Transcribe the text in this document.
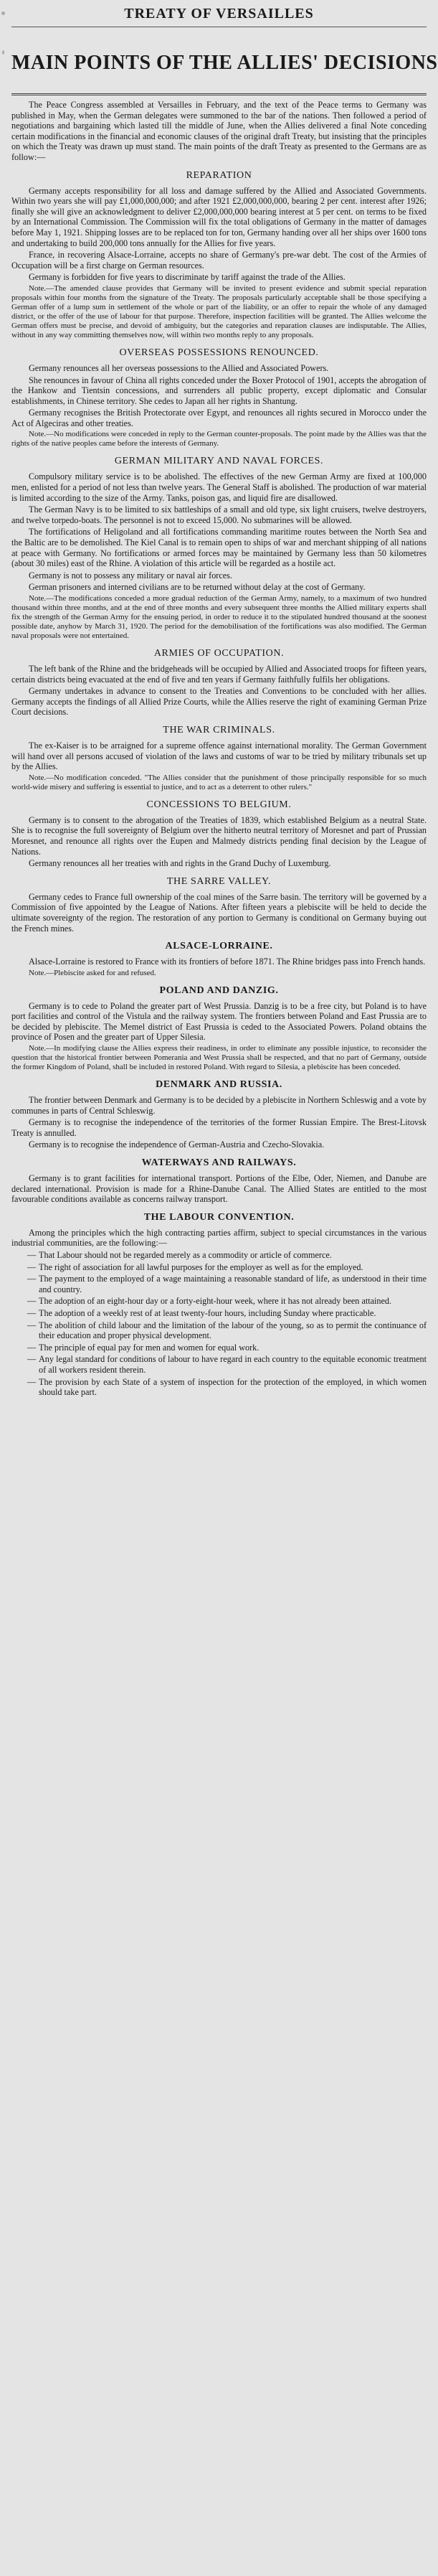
TREATY OF VERSAILLES
MAIN POINTS OF THE ALLIES' DECISIONS

The Peace Congress assembled at Versailles in February, and the text of the Peace terms to Germany was published in May, when the German delegates were summoned to the bar of the nations. Then followed a period of negotiations and bargaining which lasted till the middle of June, when the Allies delivered a final Note conceding certain modifications in the financial and economic clauses of the original draft Treaty, but insisting that the principles on which the Treaty was drawn up must stand. The main points of the draft Treaty as presented to the Germans are as follow:—

REPARATION

Germany accepts responsibility for all loss and damage suffered by the Allied and Associated Governments. Within two years she will pay £1,000,000,000; and after 1921 £2,000,000,000, bearing 2 per cent. interest after 1926; finally she will give an acknowledgment to deliver £2,000,000,000 bearing interest at 5 per cent. on terms to be fixed by an International Commission. The Commission will fix the total obligations of Germany in the matter of damages before May 1, 1921. Shipping losses are to be replaced ton for ton, Germany handing over all her ships over 1600 tons and undertaking to build 200,000 tons annually for the Allies for five years.

France, in recovering Alsace-Lorraine, accepts no share of Germany's pre-war debt. The cost of the Armies of Occupation will be a first charge on German resources.

Germany is forbidden for five years to discriminate by tariff against the trade of the Allies.

Note.—The amended clause provides that Germany will be invited to present evidence and submit special reparation proposals within four months from the signature of the Treaty. The proposals particularly acceptable shall be those specifying a German offer of a lump sum in settlement of the whole or part of the liability, or an offer to repair the whole of any damaged district, or the offer of the use of labour for that purpose. Therefore, inspection facilities will be granted. The Allies welcome the German offers must be precise, and devoid of ambiguity, but the categories and reparation clauses are indisputable. The Allies, without in any way committing themselves now, will within two months reply to any proposals.

OVERSEAS POSSESSIONS RENOUNCED.

Germany renounces all her overseas possessions to the Allied and Associated Powers.

She renounces in favour of China all rights conceded under the Boxer Protocol of 1901, accepts the abrogation of the Hankow and Tientsin concessions, and surrenders all public property, except diplomatic and Consular establishments, in Chinese territory. She cedes to Japan all her rights in Shantung.

Germany recognises the British Protectorate over Egypt, and renounces all rights secured in Morocco under the Act of Algeciras and other treaties.

Note.—No modifications were conceded in reply to the German counter-proposals. The point made by the Allies was that the rights of the native peoples came before the interests of Germany.

GERMAN MILITARY AND NAVAL FORCES.

Compulsory military service is to be abolished. The effectives of the new German Army are fixed at 100,000 men, enlisted for a period of not less than twelve years. The General Staff is abolished. The production of war material is limited according to the size of the Army. Tanks, poison gas, and liquid fire are disallowed.

The German Navy is to be limited to six battleships of a small and old type, six light cruisers, twelve destroyers, and twelve torpedo-boats. The personnel is not to exceed 15,000. No submarines will be allowed.

The fortifications of Heligoland and all fortifications commanding maritime routes between the North Sea and the Baltic are to be demolished. The Kiel Canal is to remain open to ships of war and merchant shipping of all nations at peace with Germany. No fortifications or armed forces may be maintained by Germany less than 50 kilometres (about 30 miles) east of the Rhine. A violation of this article will be regarded as a hostile act.

Germany is not to possess any military or naval air forces.

German prisoners and interned civilians are to be returned without delay at the cost of Germany.

Note.—The modifications conceded a more gradual reduction of the German Army, namely, to a maximum of two hundred thousand within three months, and at the end of three months and every subsequent three months the Allied military experts shall fix the strength of the German Army for the ensuing period, in order to reduce it to the stipulated hundred thousand at the soonest possible date, anyhow by March 31, 1920. The period for the demobilisation of the fortifications was also modified. The German naval proposals were not entertained.

ARMIES OF OCCUPATION.

The left bank of the Rhine and the bridgeheads will be occupied by Allied and Associated troops for fifteen years, certain districts being evacuated at the end of five and ten years if Germany faithfully fulfils her obligations.

Germany undertakes in advance to consent to the Treaties and Conventions to be concluded with her allies. Germany accepts the findings of all Allied Prize Courts, while the Allies reserve the right of examining German Prize Court decisions.

THE WAR CRIMINALS.

The ex-Kaiser is to be arraigned for a supreme offence against international morality. The German Government will hand over all persons accused of violation of the laws and customs of war to be tried by military tribunals set up by the Allies.

Note.—No modification conceded. "The Allies consider that the punishment of those principally responsible for so much world-wide misery and suffering is essential to justice, and to act as a deterrent to other rulers."

CONCESSIONS TO BELGIUM.

Germany is to consent to the abrogation of the Treaties of 1839, which established Belgium as a neutral State. She is to recognise the full sovereignty of Belgium over the hitherto neutral territory of Moresnet and part of Prussian Moresnet, and renounce all rights over the Eupen and Malmedy districts pending final decision by the League of Nations.

Germany renounces all her treaties with and rights in the Grand Duchy of Luxemburg.

THE SARRE VALLEY.

Germany cedes to France full ownership of the coal mines of the Sarre basin. The territory will be governed by a Commission of five appointed by the League of Nations. After fifteen years a plebiscite will be held to decide the ultimate sovereignty of the region. The restoration of any portion to Germany is conditional on Germany buying out the French mines.

ALSACE-LORRAINE.

Alsace-Lorraine is restored to France with its frontiers of before 1871. The Rhine bridges pass into French hands.

Note.—Plebiscite asked for and refused.

POLAND AND DANZIG.

Germany is to cede to Poland the greater part of West Prussia. Danzig is to be a free city, but Poland is to have port facilities and control of the Vistula and the railway system. The frontiers between Poland and East Prussia are to be decided by plebiscite. The Memel district of East Prussia is ceded to the Associated Powers. Poland obtains the province of Posen and the greater part of Upper Silesia.

Note.—In modifying clause the Allies express their readiness, in order to eliminate any possible injustice, to reconsider the question that the historical frontier between Pomerania and West Prussia shall be respected, and that no part of Germany, outside the former Kingdom of Poland, shall be included in restored Poland. With regard to Silesia, a plebiscite has been conceded.

DENMARK AND RUSSIA.

The frontier between Denmark and Germany is to be decided by a plebiscite in Northern Schleswig and a vote by communes in parts of Central Schleswig.

Germany is to recognise the independence of the territories of the former Russian Empire. The Brest-Litovsk Treaty is annulled.

Germany is to recognise the independence of German-Austria and Czecho-Slovakia.

WATERWAYS AND RAILWAYS.

Germany is to grant facilities for international transport. Portions of the Elbe, Oder, Niemen, and Danube are declared international. Provision is made for a Rhine-Danube Canal. The Allied States are entitled to the most favourable conditions available as concerns railway transport.

THE LABOUR CONVENTION.

Among the principles which the high contracting parties affirm, subject to special circumstances in the various industrial communities, are the following:—

— That Labour should not be regarded merely as a commodity or article of commerce.

— The right of association for all lawful purposes for the employer as well as for the employed.

— The payment to the employed of a wage maintaining a reasonable standard of life, as understood in their time and country.

— The adoption of an eight-hour day or a forty-eight-hour week, where it has not already been attained.

— The adoption of a weekly rest of at least twenty-four hours, including Sunday where practicable.

— The abolition of child labour and the limitation of the labour of the young, so as to permit the continuance of their education and proper physical development.

— The principle of equal pay for men and women for equal work.

— Any legal standard for conditions of labour to have regard in each country to the equitable economic treatment of all workers resident therein.

— The provision by each State of a system of inspection for the protection of the employed, in which women should take part.
